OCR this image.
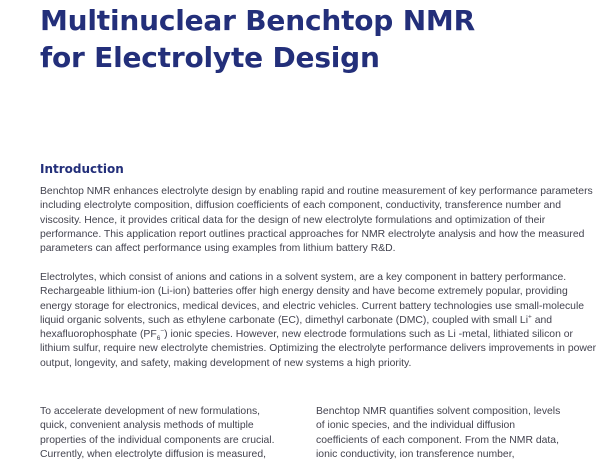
Multinuclear Benchtop NMR
for Electrolyte Design
Introduction

Benchtop NMR enhances electrolyte design by enabling rapid and routine measurement of key performance parameters including electrolyte composition, diffusion coefficients of each component, conductivity, transference number and viscosity. Hence, it provides critical data for the design of new electrolyte formulations and optimization of their performance. This application report outlines practical approaches for NMR electrolyte analysis and how the measured parameters can affect performance using examples from lithium battery R&D.

Electrolytes, which consist of anions and cations in a solvent system, are a key component in battery performance. Rechargeable lithium-ion (Li-ion) batteries offer high energy density and have become extremely popular, providing energy storage for electronics, medical devices, and electric vehicles. Current battery technologies use small-molecule liquid organic solvents, such as ethylene carbonate (EC), dimethyl carbonate (DMC), coupled with small Li+ and hexafluorophosphate $(PF_6^-)$ ionic species. However, new electrode formulations such as Li -metal, lithiated silicon or lithium sulfur, require new electrolyte chemistries. Optimizing the electrolyte performance delivers improvements in power output, longevity, and safety, making development of new systems a high priority.

To accelerate development of new formulations, quick, convenient analysis methods of multiple properties of the individual components are crucial. Currently, when electrolyte diffusion is measured,

Benchtop NMR quantifies solvent composition, levels of ionic species, and the individual diffusion coefficients of each component. From the NMR data, ionic conductivity, ion transference number,
